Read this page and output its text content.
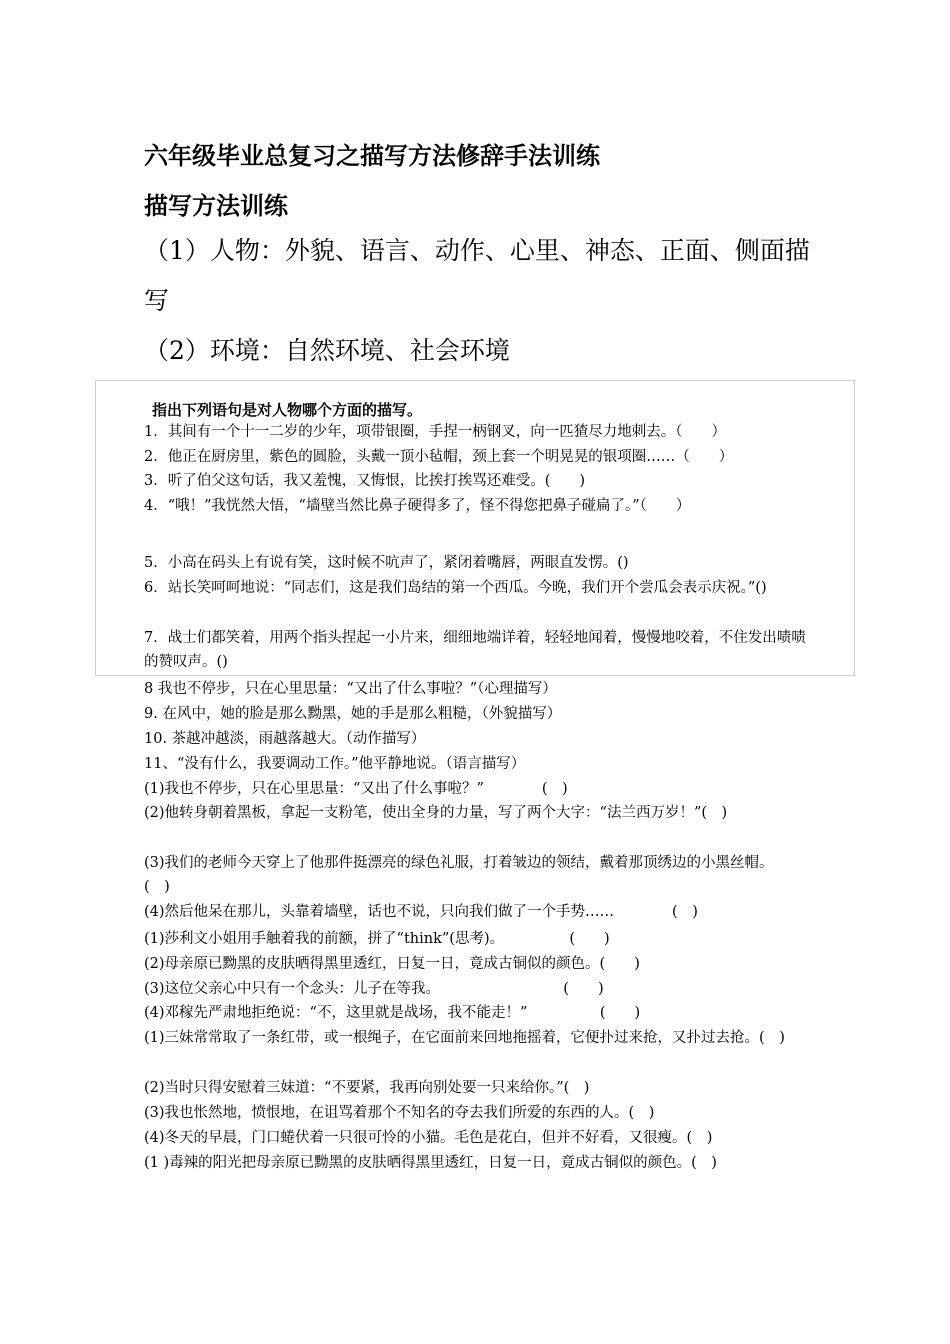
六年级毕业总复习之描写方法修辞手法训练
描写方法训练
（1）人物：外貌、语言、动作、心里、神态、正面、侧面描写
（2）环境：自然环境、社会环境
指出下列语句是对人物哪个方面的描写。
1．其间有一个十一二岁的少年，项带银圈，手捏一柄钢叉，向一匹猹尽力地刺去。（　　）
2．他正在厨房里，紫色的圆脸，头戴一顶小毡帽，颈上套一个明晃晃的银项圈……（　　）
3．听了伯父这句话，我又羞愧，又悔恨，比挨打挨骂还难受。(　　)
4．“哦！”我恍然大悟，“墙壁当然比鼻子硬得多了，怪不得您把鼻子碰扁了。”（　　）
5．小高在码头上有说有笑，这时候不吭声了，紧闭着嘴唇，两眼直发愣。()
6．站长笑呵呵地说：“同志们，这是我们岛结的第一个西瓜。今晚，我们开个尝瓜会表示庆祝。”()
7．战士们都笑着，用两个指头捏起一小片来，细细地端详着，轻轻地闻着，慢慢地咬着，不住发出啧啧的赞叹声。()
8 我也不停步，只在心里思量：“又出了什么事啦？”（心理描写）
9. 在风中，她的脸是那么黝黑，她的手是那么粗糙，（外貌描写）
10. 茶越冲越淡，雨越落越大。（动作描写）
11、“没有什么，我要调动工作。”他平静地说。（语言描写）
(1)我也不停步，只在心里思量：“又出了什么事啦？”　　　　(　)
(2)他转身朝着黑板，拿起一支粉笔，使出全身的力量，写了两个大字：“法兰西万岁！”(　)
(3)我们的老师今天穿上了他那件挺漂亮的绿色礼服，打着皱边的领结，戴着那顶绣边的小黑丝帽。　　　　(　)
(4)然后他呆在那儿，头靠着墙壁，话也不说，只向我们做了一个手势……　　　　(　)
(1)莎利文小姐用手触着我的前额，拼了“think”(思考)。　　　　　(　　)
(2)母亲原已黝黑的皮肤晒得黑里透红，日复一日，竟成古铜似的颜色。(　　)
(3)这位父亲心中只有一个念头：儿子在等我。　　　　　　　　　(　　)
(4)邓稼先严肃地拒绝说：“不，这里就是战场，我不能走！”　　　　　(　　)
(1)三妹常常取了一条红带，或一根绳子，在它面前来回地拖摇着，它便扑过来抢，又扑过去抢。(　)
(2)当时只得安慰着三妹道：“不要紧，我再向别处要一只来给你。”(　)
(3)我也怅然地，愤恨地，在诅骂着那个不知名的夺去我们所爱的东西的人。(　)
(4)冬天的早晨，门口蜷伏着一只很可怜的小猫。毛色是花白，但并不好看，又很瘦。(　)
(1 )毒辣的阳光把母亲原已黝黑的皮肤晒得黑里透红，日复一日，竟成古铜似的颜色。(　)
